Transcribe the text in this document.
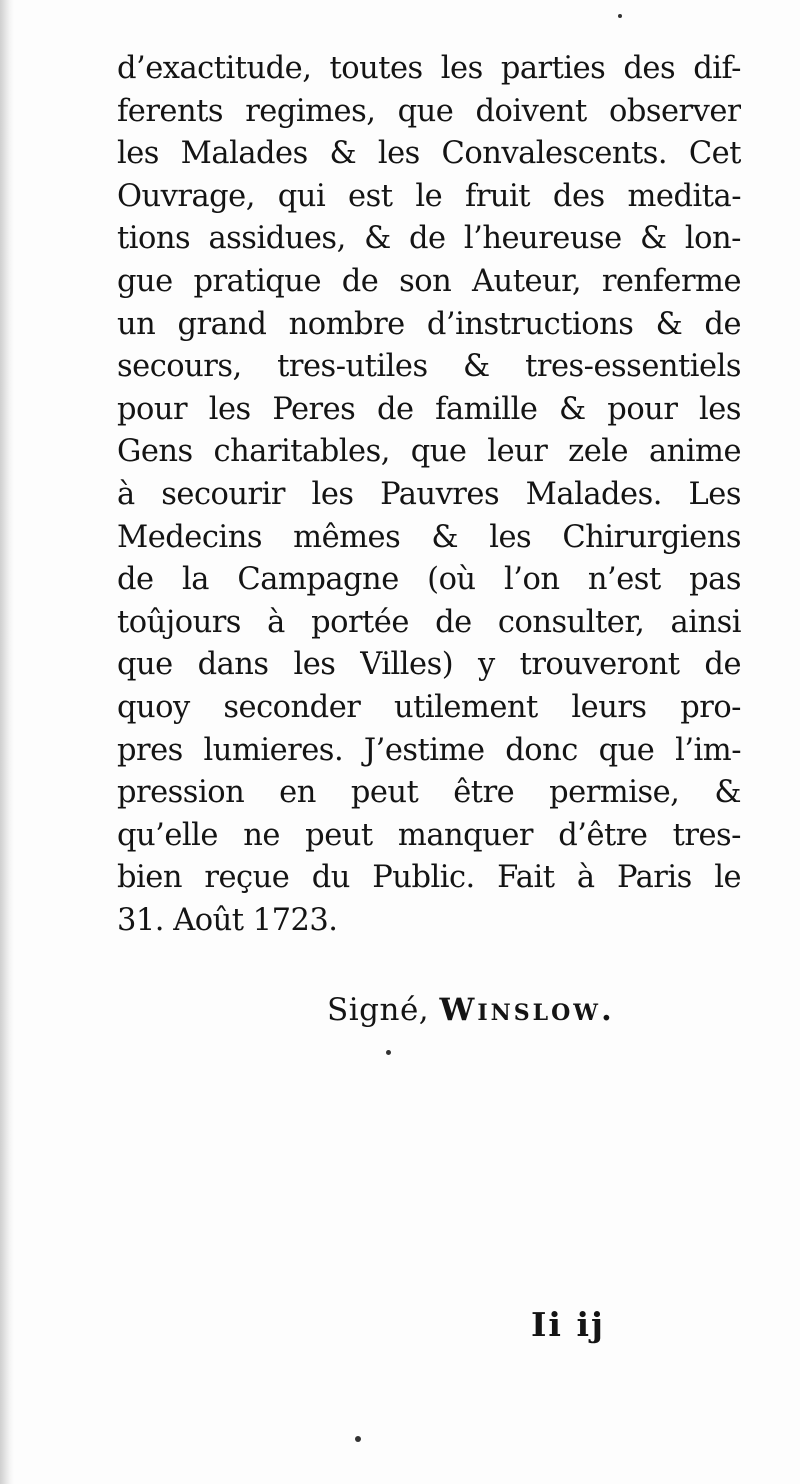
d’exactitude, toutes les parties des dif-
ferents regimes, que doivent observer
les Malades & les Convalescents. Cet
Ouvrage, qui est le fruit des medita-
tions assidues, & de l’heureuse & lon-
gue pratique de son Auteur, renferme
un grand nombre d’instructions & de
secours, tres-utiles & tres-essentiels
pour les Peres de famille & pour les
Gens charitables, que leur zele anime
à secourir les Pauvres Malades. Les
Medecins mêmes & les Chirurgiens
de la Campagne (où l’on n’est pas
toûjours à portée de consulter, ainsi
que dans les Villes) y trouveront de
quoy seconder utilement leurs pro-
pres lumieres. J’estime donc que l’im-
pression en peut être permise, &
qu’elle ne peut manquer d’être tres-
bien reçue du Public. Fait à Paris le
31. Août 1723.
Signé, Winslow.
Ii ij
